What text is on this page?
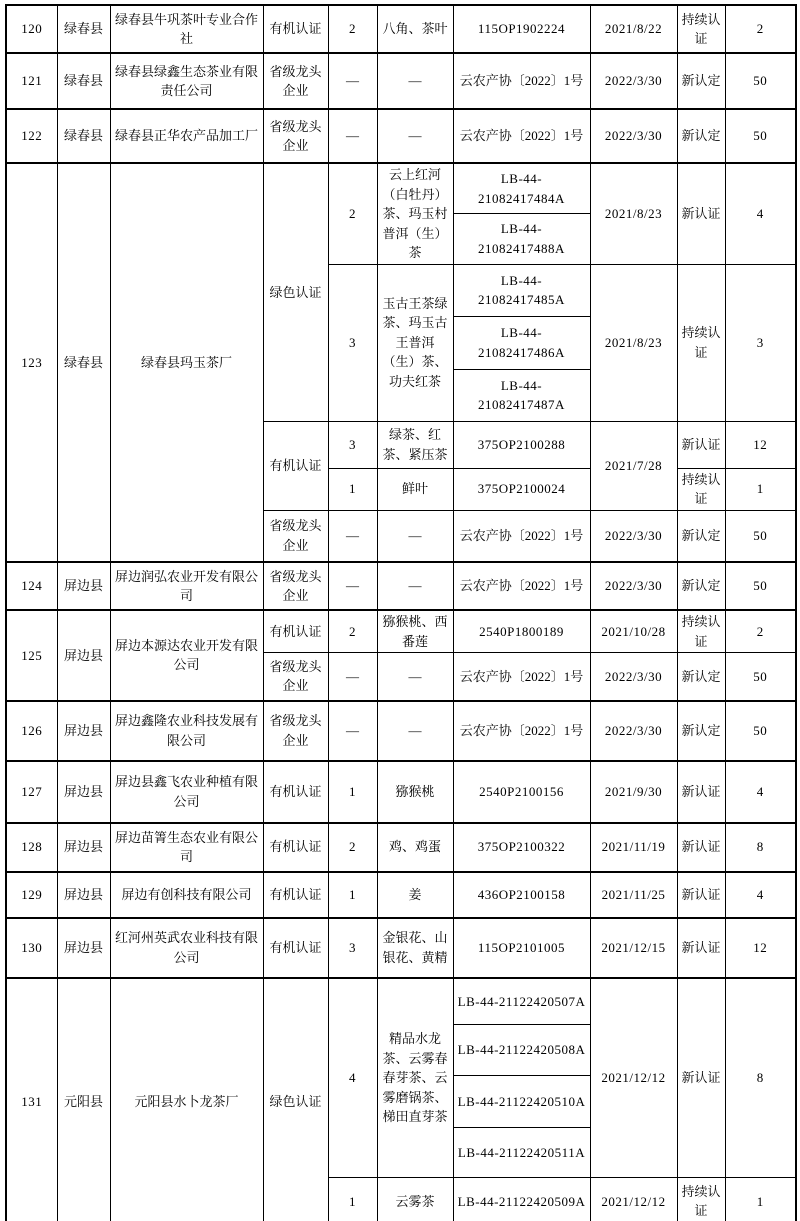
120	绿春县	绿春县牛巩茶叶专业合作社	有机认证	2	八角、茶叶	115OP1902224	2021/8/22	持续认证	2
121	绿春县	绿春县绿鑫生态茶业有限责任公司	省级龙头企业	—	—	云农产协〔2022〕1号	2022/3/30	新认定	50
122	绿春县	绿春县正华农产品加工厂	省级龙头企业	—	—	云农产协〔2022〕1号	2022/3/30	新认定	50
123	绿春县	绿春县玛玉茶厂	绿色认证	2	云上红河（白牡丹）茶、玛玉村普洱（生）茶	LB-44-21082417484A	2021/8/23	新认证	4
						LB-44-21082417488A			
				3	玉古王茶绿茶、玛玉古王普洱（生）茶、功夫红茶	LB-44-21082417485A	2021/8/23	持续认证	3
						LB-44-21082417486A			
						LB-44-21082417487A			
			有机认证	3	绿茶、红茶、紧压茶	375OP2100288	2021/7/28	新认证	12
				1	鲜叶	375OP2100024		持续认证	1
			省级龙头企业	—	—	云农产协〔2022〕1号	2022/3/30	新认定	50
124	屏边县	屏边润弘农业开发有限公司	省级龙头企业	—	—	云农产协〔2022〕1号	2022/3/30	新认定	50
125	屏边县	屏边本源达农业开发有限公司	有机认证	2	猕猴桃、西番莲	2540P1800189	2021/10/28	持续认证	2
			省级龙头企业	—	—	云农产协〔2022〕1号	2022/3/30	新认定	50
126	屏边县	屏边鑫隆农业科技发展有限公司	省级龙头企业	—	—	云农产协〔2022〕1号	2022/3/30	新认定	50
127	屏边县	屏边县鑫飞农业种植有限公司	有机认证	1	猕猴桃	2540P2100156	2021/9/30	新认证	4
128	屏边县	屏边苗箐生态农业有限公司	有机认证	2	鸡、鸡蛋	375OP2100322	2021/11/19	新认证	8
129	屏边县	屏边有创科技有限公司	有机认证	1	姜	436OP2100158	2021/11/25	新认证	4
130	屏边县	红河州英武农业科技有限公司	有机认证	3	金银花、山银花、黄精	115OP2101005	2021/12/15	新认证	12
131	元阳县	元阳县水卜龙茶厂	绿色认证	4	精品水龙茶、云雾春春芽茶、云雾磨锅茶、梯田直芽茶	LB-44-21122420507A	2021/12/12	新认证	8
						LB-44-21122420508A			
						LB-44-21122420510A			
						LB-44-21122420511A			
				1	云雾茶	LB-44-21122420509A	2021/12/12	持续认证	1
